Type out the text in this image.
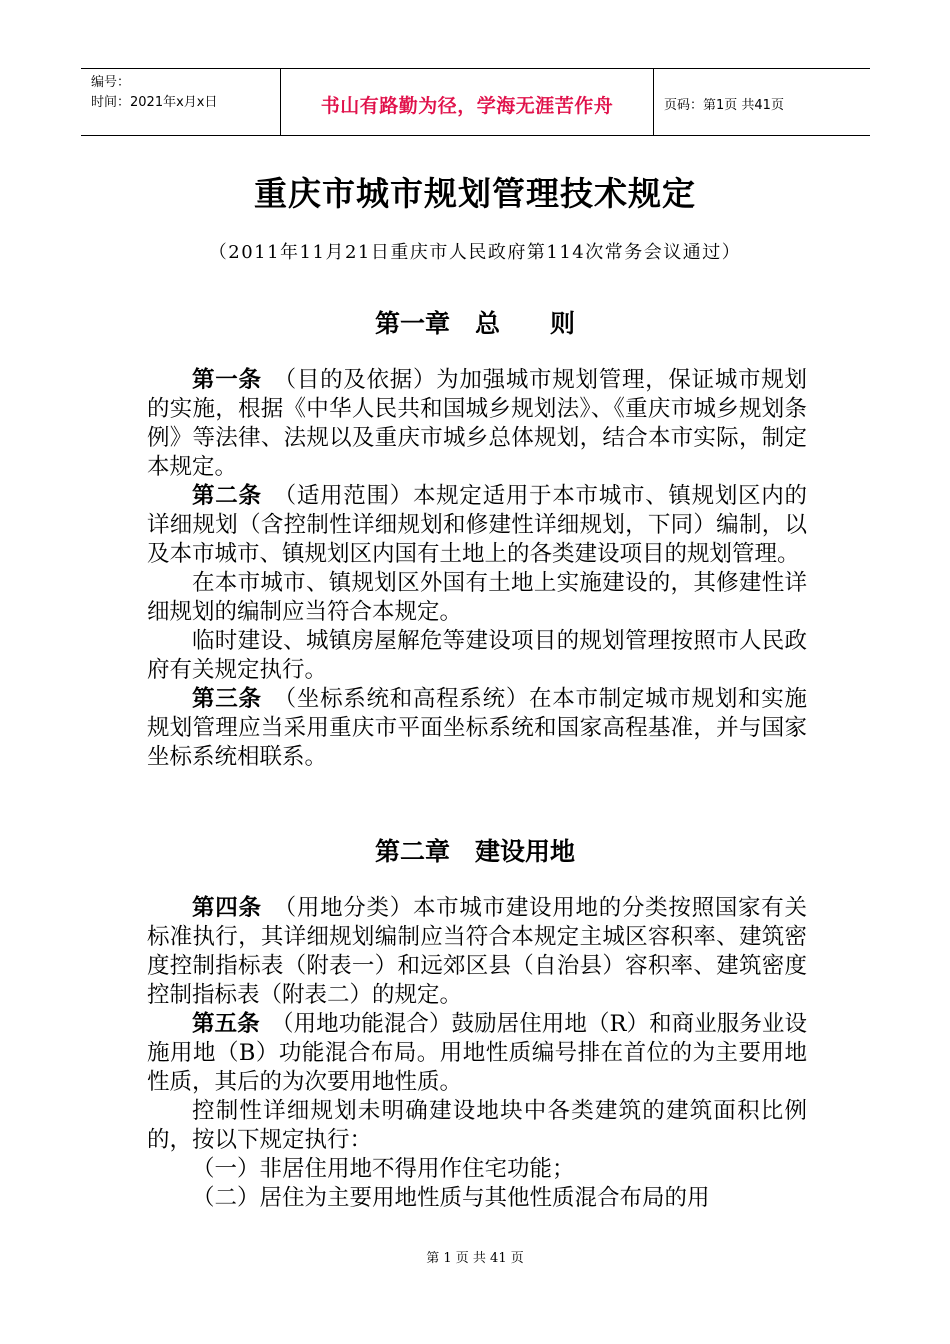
编号：
时间：2021年x月x日	书山有路勤为径，学海无涯苦作舟	页码：第1页 共41页
重庆市城市规划管理技术规定
（2011年11月21日重庆市人民政府第114次常务会议通过）
第一章　总　　则

第一条　（目的及依据）为加强城市规划管理，保证城市规划的实施，根据《中华人民共和国城乡规划法》、《重庆市城乡规划条例》等法律、法规以及重庆市城乡总体规划，结合本市实际，制定本规定。

第二条　（适用范围）本规定适用于本市城市、镇规划区内的详细规划（含控制性详细规划和修建性详细规划，下同）编制，以及本市城市、镇规划区内国有土地上的各类建设项目的规划管理。

在本市城市、镇规划区外国有土地上实施建设的，其修建性详细规划的编制应当符合本规定。

临时建设、城镇房屋解危等建设项目的规划管理按照市人民政府有关规定执行。

第三条　（坐标系统和高程系统）在本市制定城市规划和实施规划管理应当采用重庆市平面坐标系统和国家高程基准，并与国家坐标系统相联系。

第二章　建设用地

第四条　（用地分类）本市城市建设用地的分类按照国家有关标准执行，其详细规划编制应当符合本规定主城区容积率、建筑密度控制指标表（附表一）和远郊区县（自治县）容积率、建筑密度控制指标表（附表二）的规定。

第五条　（用地功能混合）鼓励居住用地（R）和商业服务业设施用地（B）功能混合布局。用地性质编号排在首位的为主要用地性质，其后的为次要用地性质。

控制性详细规划未明确建设地块中各类建筑的建筑面积比例的，按以下规定执行：

（一）非居住用地不得用作住宅功能；

（二）居住为主要用地性质与其他性质混合布局的用

第 1 页 共 41 页
